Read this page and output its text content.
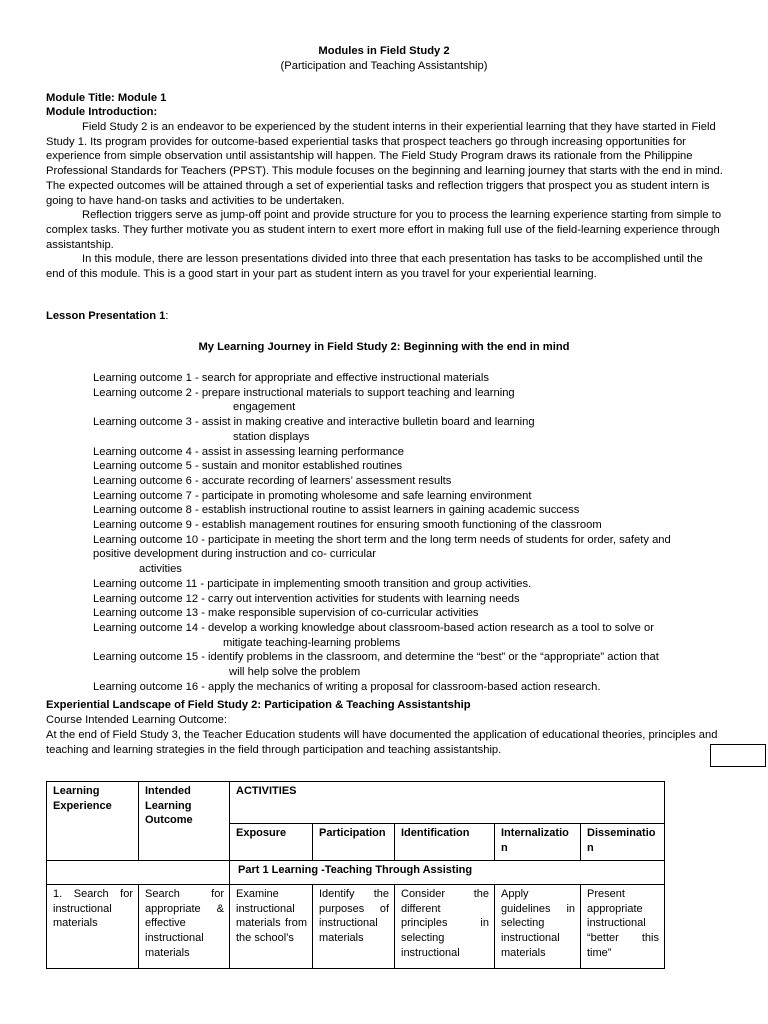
Modules in Field Study 2
(Participation and Teaching Assistantship)
Module Title: Module 1
Module Introduction:

Field Study 2 is an endeavor to be experienced by the student interns in their experiential learning that they have started in Field Study 1. Its program provides for outcome-based experiential tasks that prospect teachers go through increasing opportunities for experience from simple observation until assistantship will happen. The Field Study Program draws its rationale from the Philippine Professional Standards for Teachers (PPST). This module focuses on the beginning and learning journey that starts with the end in mind. The expected outcomes will be attained through a set of experiential tasks and reflection triggers that prospect you as student intern is going to have hand-on tasks and activities to be undertaken.

Reflection triggers serve as jump-off point and provide structure for you to process the learning experience starting from simple to complex tasks. They further motivate you as student intern to exert more effort in making full use of the field-learning experience through assistantship.

In this module, there are lesson presentations divided into three that each presentation has tasks to be accomplished until the end of this module. This is a good start in your part as student intern as you travel for your experiential learning.

Lesson Presentation 1:
My Learning Journey in Field Study 2: Beginning with the end in mind
Learning outcome 1 - search for appropriate and effective instructional materials
Learning outcome 2 - prepare instructional materials to support teaching and learning
engagement
Learning outcome 3 - assist in making creative and interactive bulletin board and learning
station displays
Learning outcome 4 - assist in assessing learning performance
Learning outcome 5 - sustain and monitor established routines
Learning outcome 6 - accurate recording of learners’ assessment results
Learning outcome 7 - participate in promoting wholesome and safe learning environment
Learning outcome 8 - establish instructional routine to assist learners in gaining academic success
Learning outcome 9 - establish management routines for ensuring smooth functioning of the classroom
Learning outcome 10 - participate in meeting the short term and the long term needs of students for order, safety and
positive development during instruction and co- curricular
activities
Learning outcome 11 - participate in implementing smooth transition and group activities.
Learning outcome 12 - carry out intervention activities for students with learning needs
Learning outcome 13 - make responsible supervision of co-curricular activities
Learning outcome 14 - develop a working knowledge about classroom-based action research as a tool to solve or
mitigate teaching-learning problems
Learning outcome 15 - identify problems in the classroom, and determine the “best” or the “appropriate” action that
will help solve the problem
Learning outcome 16 - apply the mechanics of writing a proposal for classroom-based action research.
Experiential Landscape of Field Study 2: Participation & Teaching Assistantship
Course Intended Learning Outcome:
At the end of Field Study 3, the Teacher Education students will have documented the application of educational theories, principles and teaching and learning strategies in the field through participation and teaching assistantship.
Learning Experience	Intended Learning Outcome	ACTIVITIES				
		Exposure	Participation	Identification	Internalization	Dissemination
		Part 1 Learning -Teaching Through Assisting				
1. Search for instructional materials	Search for appropriate & effective instructional materials	Examine instructional materials from the school’s	Identify the purposes of instructional materials	Consider the different principles in selecting instructional	Apply guidelines in selecting instructional materials	Present appropriate instructional “better this time”
